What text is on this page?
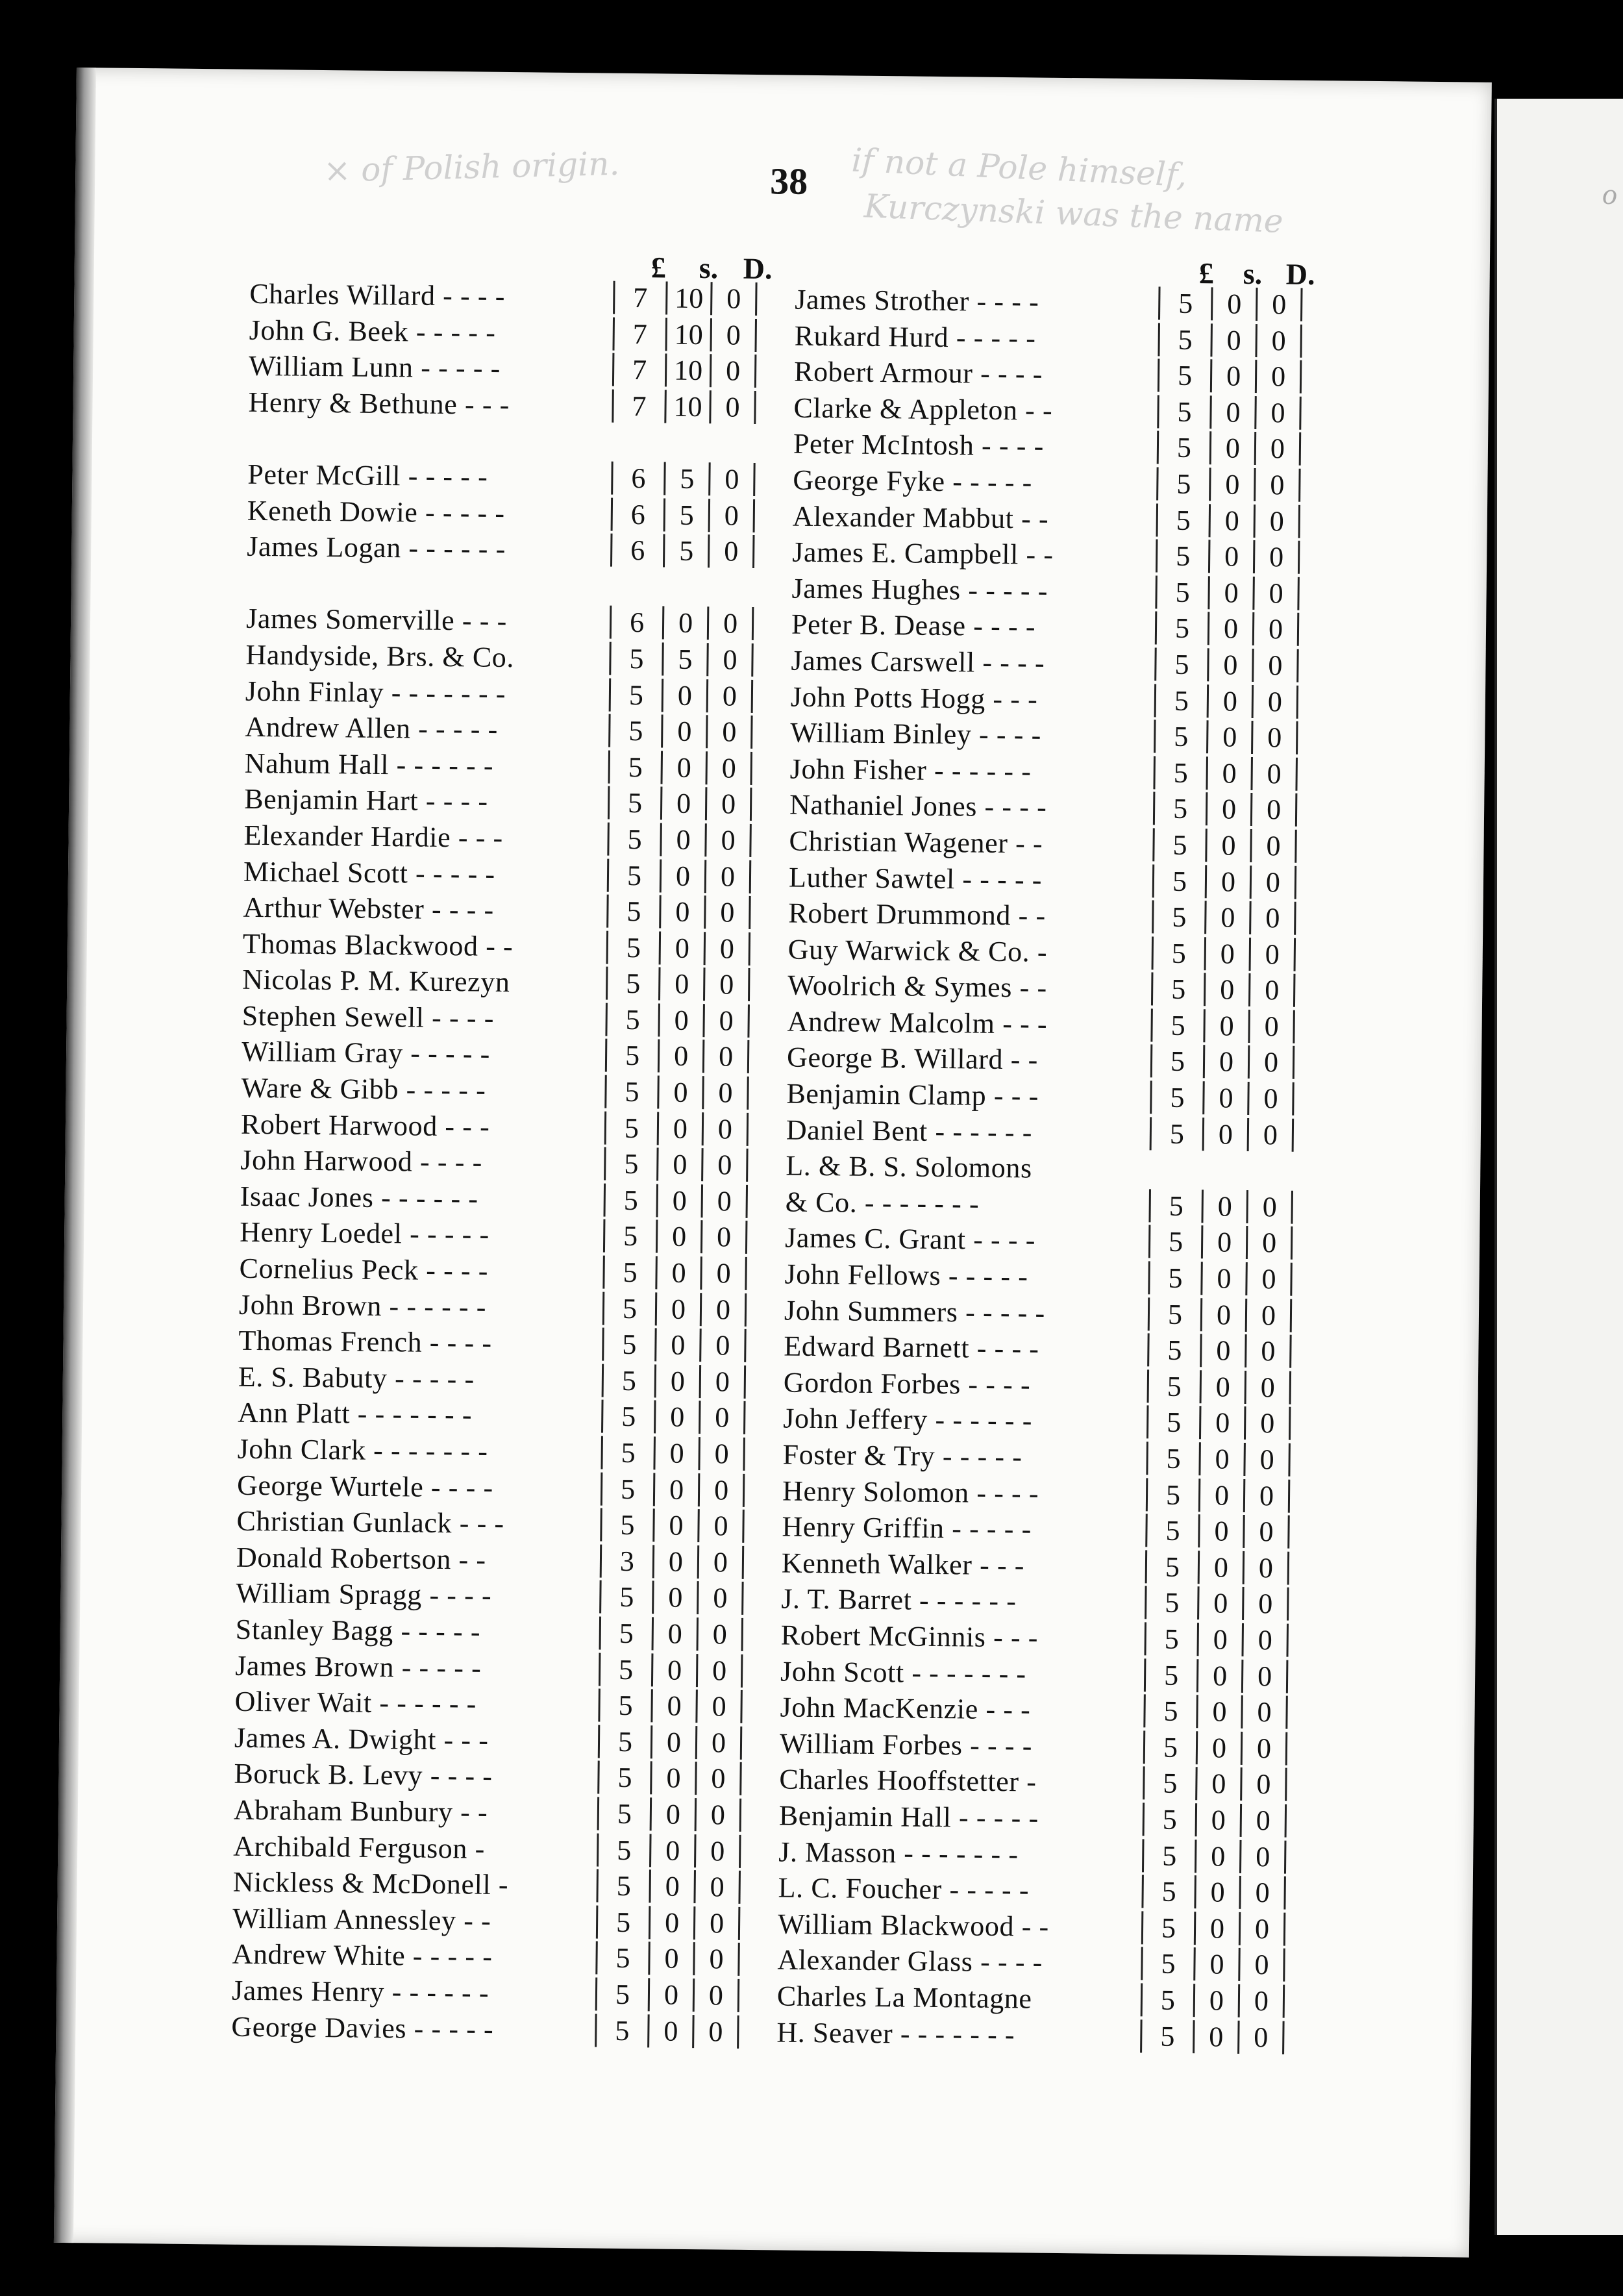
o
× of Polish origin.	if not a Pole himself,
Kurczynski was the name
38
£ s. D.	£ s. D.
Charles Willard - - - -	7 10 0
John G. Beek - - - - -	7 10 0
William Lunn - - - - -	7 10 0
Henry & Bethune - - -	7 10 0
Peter McGill - - - - -	6	5	0
Keneth Dowie - - - - -	6	5	0
James Logan - - - - - -	6	5	0
James Somerville - - -	6	0	0
Handyside, Brs. & Co.	5	5	0
John Finlay - - - - - - -	5	0	0
Andrew Allen - - - - -	5	0	0
Nahum Hall - - - - - -	5	0	0
Benjamin Hart - - - -	5	0	0
Elexander Hardie - - -	5	0	0
Michael Scott - - - - -	5	0	0
Arthur Webster - - - -	5	0	0
Thomas Blackwood - -	5	0	0
Nicolas P. M. Kurezyn	5	0	0
Stephen Sewell - - - -	5	0	0
William Gray - - - - -	5	0	0
Ware & Gibb - - - - -	5	0	0
Robert Harwood - - -	5	0	0
John Harwood - - - -	5	0	0
Isaac Jones - - - - - -	5	0	0
Henry Loedel - - - - -	5	0	0
Cornelius Peck - - - -	5	0	0
John Brown - - - - - -	5	0	0
Thomas French - - - -	5	0	0
E. S. Babuty - - - - -	5	0	0
Ann Platt - - - - - - -	5	0	0
John Clark - - - - - - -	5	0	0
George Wurtele - - - -	5	0	0
Christian Gunlack - - -	5	0	0
Donald Robertson - -	3	0	0
William Spragg - - - -	5	0	0
Stanley Bagg - - - - -	5	0	0
James Brown - - - - -	5	0	0
Oliver Wait - - - - - -	5	0	0
James A. Dwight - - -	5	0	0
Boruck B. Levy - - - -	5	0	0
Abraham Bunbury - -	5	0	0
Archibald Ferguson -	5	0	0
Nickless & McDonell -	5	0	0
William Annessley - -	5	0	0
Andrew White - - - - -	5	0	0
James Henry - - - - - -	5	0	0
George Davies - - - - -	5	0	0
James Strother - - - -	5	0	0
Rukard Hurd - - - - -	5	0	0
Robert Armour - - - -	5	0	0
Clarke & Appleton - -	5	0	0
Peter McIntosh - - - -	5	0	0
George Fyke - - - - -	5	0	0
Alexander Mabbut - -	5	0	0
James E. Campbell - -	5	0	0
James Hughes - - - - -	5	0	0
Peter B. Dease - - - -	5	0	0
James Carswell - - - -	5	0	0
John Potts Hogg - - -	5	0	0
William Binley - - - -	5	0	0
John Fisher - - - - - -	5	0	0
Nathaniel Jones - - - -	5	0	0
Christian Wagener - -	5	0	0
Luther Sawtel - - - - -	5	0	0
Robert Drummond - -	5	0	0
Guy Warwick & Co. -	5	0	0
Woolrich & Symes - -	5	0	0
Andrew Malcolm - - -	5	0	0
George B. Willard - -	5	0	0
Benjamin Clamp - - -	5	0	0
Daniel Bent - - - - - -	5	0	0
L. & B. S. Solomons
& Co. - - - - - - -	5	0	0
James C. Grant - - - -	5	0	0
John Fellows - - - - -	5	0	0
John Summers - - - - -	5	0	0
Edward Barnett - - - -	5	0	0
Gordon Forbes - - - -	5	0	0
John Jeffery - - - - - -	5	0	0
Foster & Try - - - - -	5	0	0
Henry Solomon - - - -	5	0	0
Henry Griffin - - - - -	5	0	0
Kenneth Walker - - -	5	0	0
J. T. Barret - - - - - -	5	0	0
Robert McGinnis - - -	5	0	0
John Scott - - - - - - -	5	0	0
John MacKenzie - - -	5	0	0
William Forbes - - - -	5	0	0
Charles Hooffstetter -	5	0	0
Benjamin Hall - - - - -	5	0	0
J. Masson - - - - - - -	5	0	0
L. C. Foucher - - - - -	5	0	0
William Blackwood - -	5	0	0
Alexander Glass - - - -	5	0	0
Charles La Montagne	5	0	0
H. Seaver - - - - - - -	5	0	0
